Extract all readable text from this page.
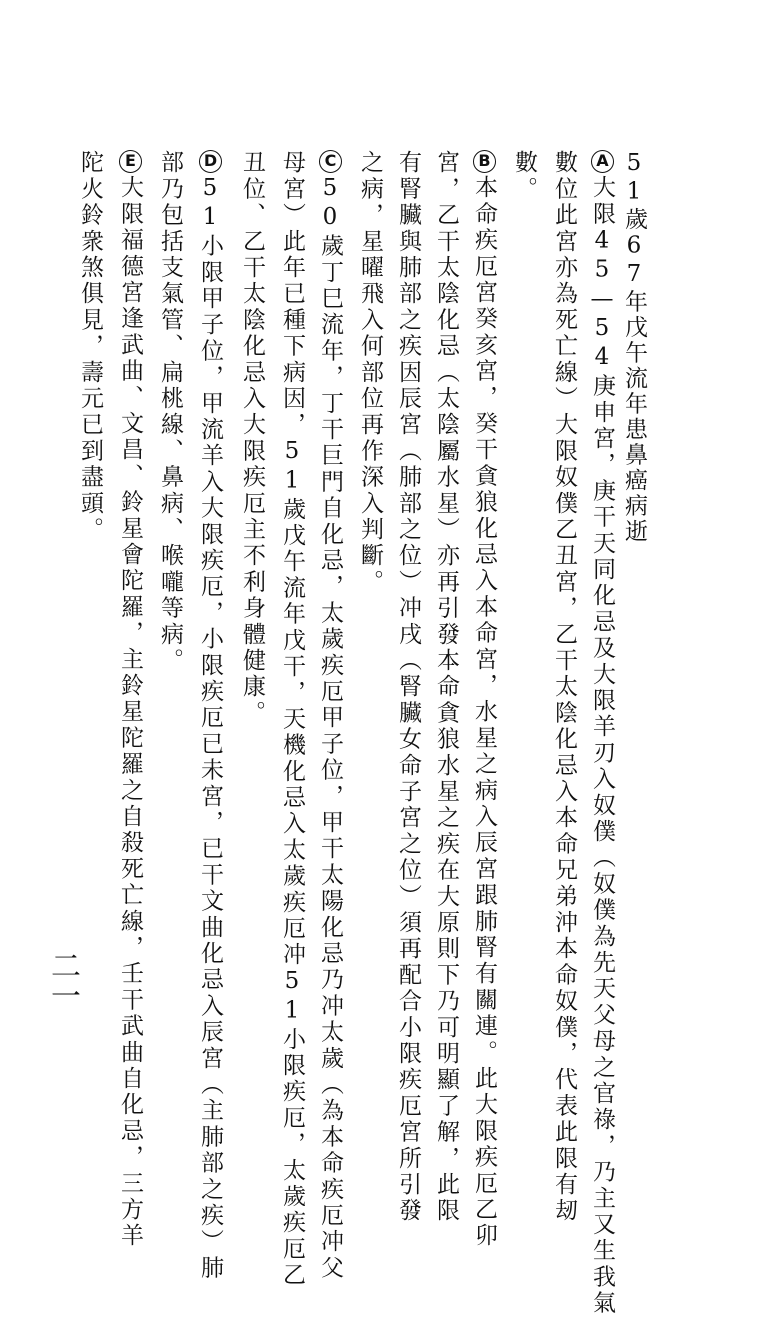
51歲67年戊午流年患鼻癌病逝
A大限45—54庚申宮，庚干天同化忌及大限羊刃入奴僕（奴僕為先天父母之官祿，乃主又生我氣
數位此宮亦為死亡線）大限奴僕乙丑宮，乙干太陰化忌入本命兄弟沖本命奴僕，代表此限有刼
數。
B本命疾厄宮癸亥宮，癸干貪狼化忌入本命宮，水星之病入辰宮跟肺腎有關連。此大限疾厄乙卯
宮，乙干太陰化忌（太陰屬水星）亦再引發本命貪狼水星之疾在大原則下乃可明顯了解，此限
有腎臟與肺部之疾因辰宮（肺部之位）冲戌（腎臟女命子宮之位）須再配合小限疾厄宮所引發
之病，星曜飛入何部位再作深入判斷。
C50歲丁巳流年，丁干巨門自化忌，太歲疾厄甲子位，甲干太陽化忌乃冲太歲（為本命疾厄冲父
母宮）此年已種下病因，51歲戊午流年戊干，天機化忌入太歲疾厄冲51小限疾厄，太歲疾厄乙
丑位、乙干太陰化忌入大限疾厄主不利身體健康。
D51小限甲子位，甲流羊入大限疾厄，小限疾厄已未宮，已干文曲化忌入辰宮（主肺部之疾）肺
部乃包括支氣管、扁桃線、鼻病、喉嚨等病。
E大限福德宮逢武曲、文昌、鈴星會陀羅，主鈴星陀羅之自殺死亡線，壬干武曲自化忌，三方羊
陀火鈴衆煞俱見，壽元已到盡頭。
二一
